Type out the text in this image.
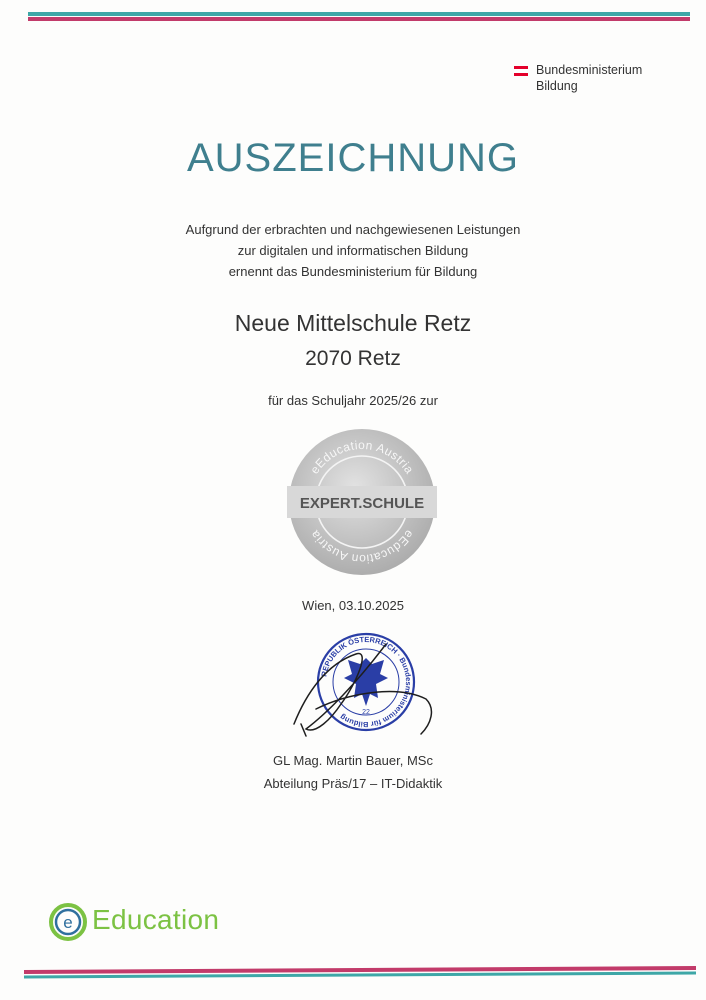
Bundesministerium
Bildung
AUSZEICHNUNG
Aufgrund der erbrachten und nachgewiesenen Leistungen
zur digitalen und informatischen Bildung
ernennt das Bundesministerium für Bildung
Neue Mittelschule Retz
2070 Retz
für das Schuljahr 2025/26 zur
eEducation Austria
eEducation Austria
EXPERT.SCHULE
Wien, 03.10.2025
REPUBLIK ÖSTERREICH · Bundesministerium für Bildung	22
GL Mag. Martin Bauer, MSc
Abteilung Präs/17 – IT-Didaktik
e Education
